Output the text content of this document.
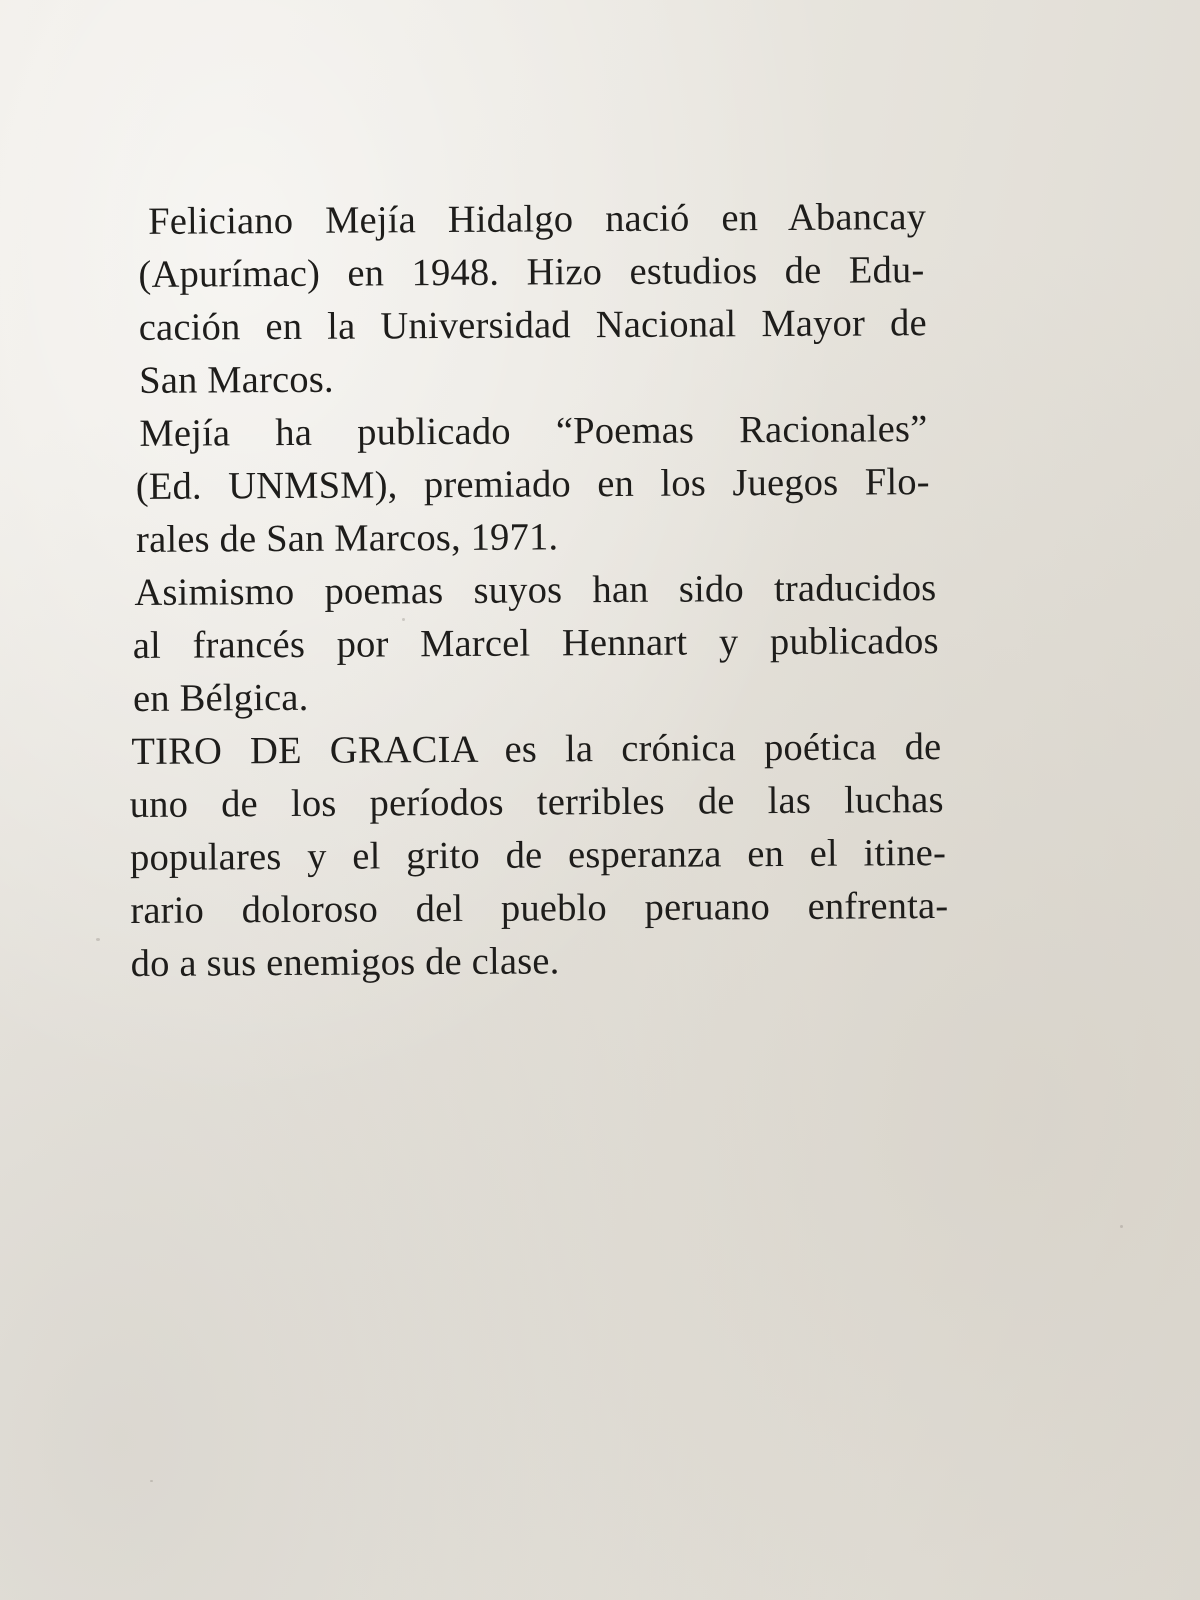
Feliciano Mejía Hidalgo nació en Abancay
(Apurímac) en 1948. Hizo estudios de Edu-
cación en la Universidad Nacional Mayor de
San Marcos.
Mejía ha publicado “Poemas Racionales”
(Ed. UNMSM), premiado en los Juegos Flo-
rales de San Marcos, 1971.
Asimismo poemas suyos han sido traducidos
al francés por Marcel Hennart y publicados
en Bélgica.
TIRO DE GRACIA es la crónica poética de
uno de los períodos terribles de las luchas
populares y el grito de esperanza en el itine-
rario doloroso del pueblo peruano enfrenta-
do a sus enemigos de clase.
